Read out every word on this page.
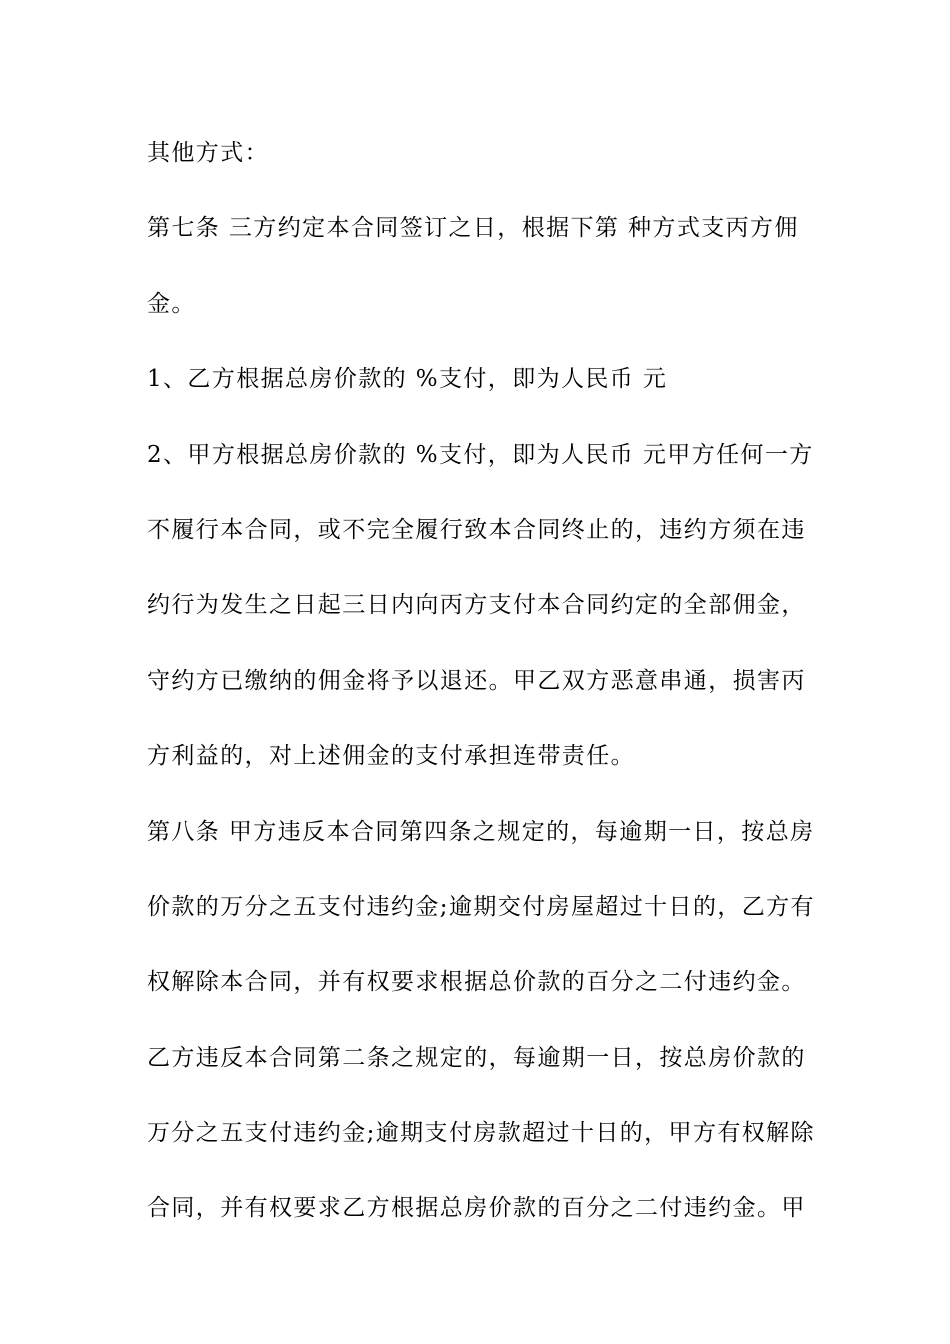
其他方式：
第七条 三方约定本合同签订之日，根据下第 种方式支丙方佣
金。
1、乙方根据总房价款的 %支付，即为人民币 元
2、甲方根据总房价款的 %支付，即为人民币 元甲方任何一方
不履行本合同，或不完全履行致本合同终止的，违约方须在违
约行为发生之日起三日内向丙方支付本合同约定的全部佣金，
守约方已缴纳的佣金将予以退还。甲乙双方恶意串通，损害丙
方利益的，对上述佣金的支付承担连带责任。
第八条 甲方违反本合同第四条之规定的，每逾期一日，按总房
价款的万分之五支付违约金;逾期交付房屋超过十日的，乙方有
权解除本合同，并有权要求根据总价款的百分之二付违约金。
乙方违反本合同第二条之规定的，每逾期一日，按总房价款的
万分之五支付违约金;逾期支付房款超过十日的，甲方有权解除
合同，并有权要求乙方根据总房价款的百分之二付违约金。甲
